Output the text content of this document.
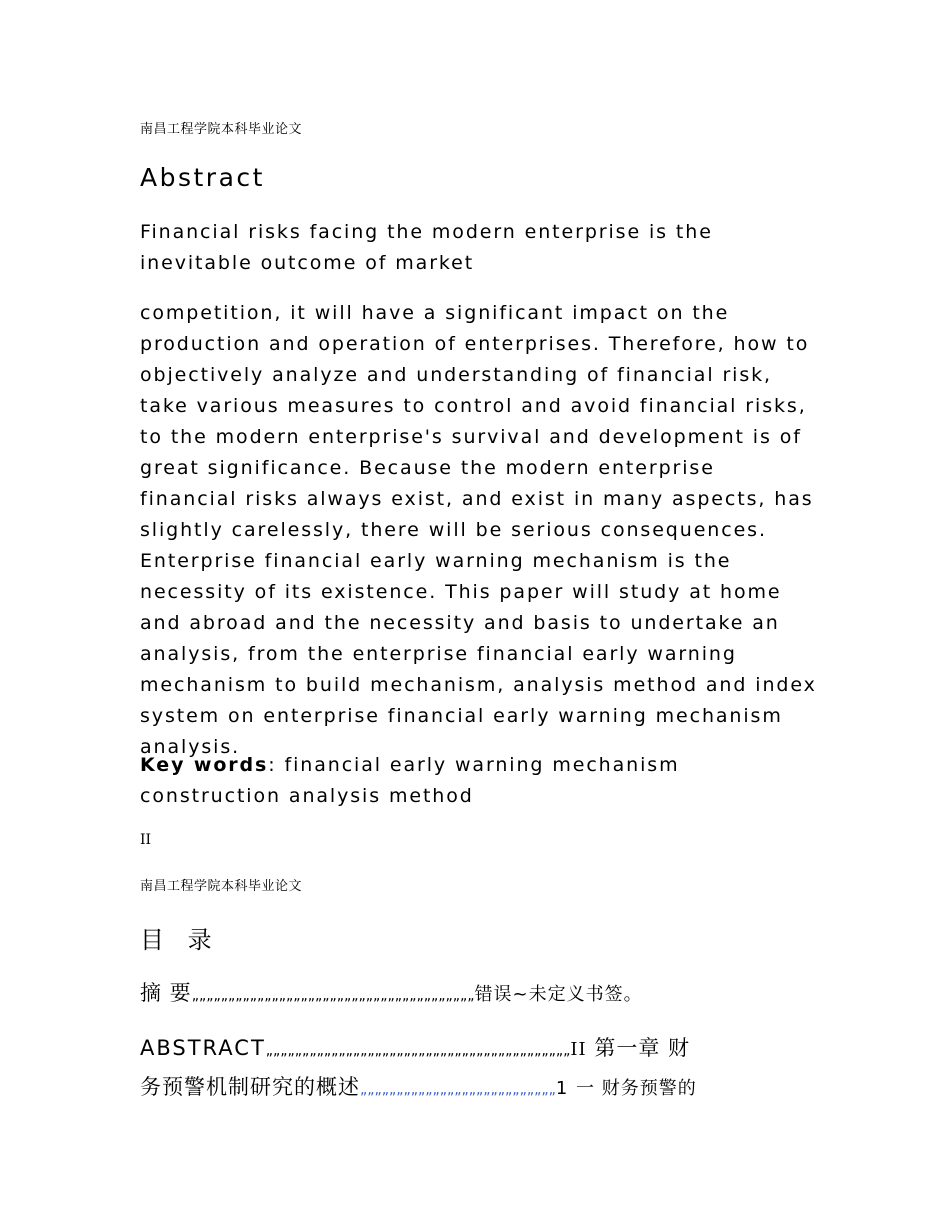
南昌工程学院本科毕业论文
Abstract

Financial risks facing the modern enterprise is the inevitable outcome of market

competition, it will have a significant impact on the production and operation of enterprises. Therefore, how to objectively analyze and understanding of financial risk, take various measures to control and avoid financial risks, to the modern enterprise's survival and development is of great significance. Because the modern enterprise financial risks always exist, and exist in many aspects, has slightly carelessly, there will be serious consequences. Enterprise financial early warning mechanism is the necessity of its existence. This paper will study at home and abroad and the necessity and basis to undertake an analysis, from the enterprise financial early warning mechanism to build mechanism, analysis method and index system on enterprise financial early warning mechanism analysis.

Key words: financial early warning mechanism construction analysis method

II
南昌工程学院本科毕业论文
目 录

摘 要„„„„„„„„„„„„„„„„„„„„„„„„„„„„„„„„„„„„„„„错误~未定义书签。

ABSTRACT„„„„„„„„„„„„„„„„„„„„„„„„„„„„„„„„„„„„„„„„„„II 第一章 财
务预警机制研究的概述„„„„„„„„„„„„„„„„„„„„„„„„„„„1 一 财务预警的
